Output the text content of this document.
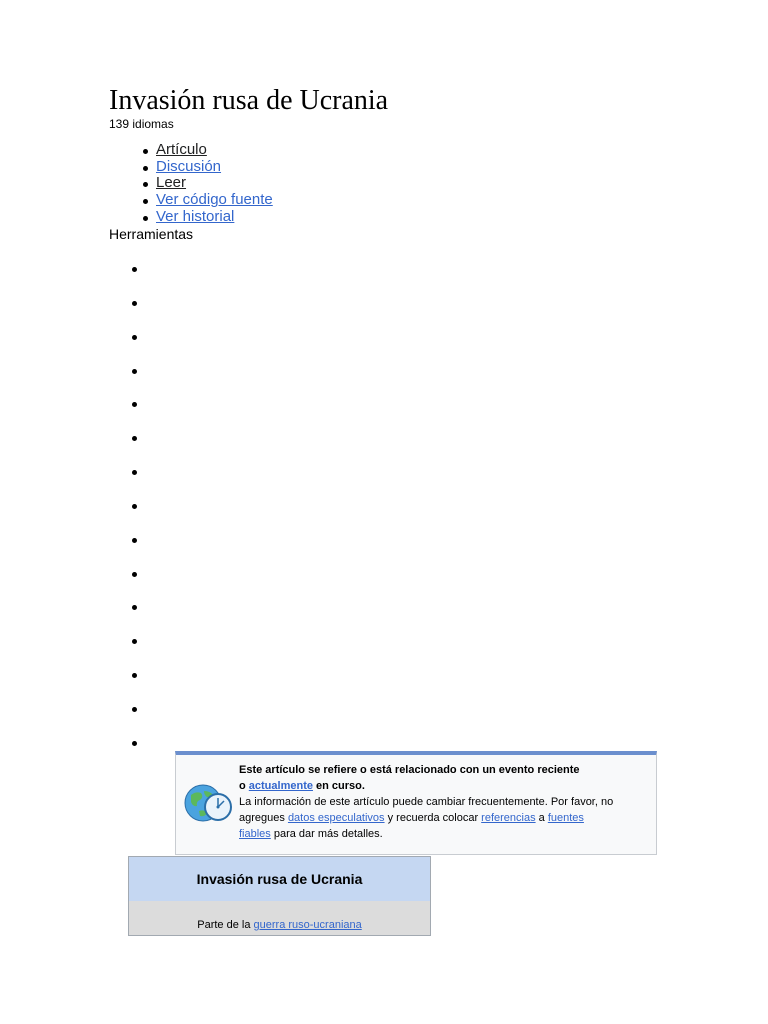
Invasión rusa de Ucrania
139 idiomas
Artículo
Discusión
Leer
Ver código fuente
Ver historial
Herramientas
Este artículo se refiere o está relacionado con un evento reciente
o actualmente en curso.
La información de este artículo puede cambiar frecuentemente. Por favor, no
agregues datos especulativos y recuerda colocar referencias a fuentes
fiables para dar más detalles.
Invasión rusa de Ucrania
Parte de la guerra ruso-ucraniana
